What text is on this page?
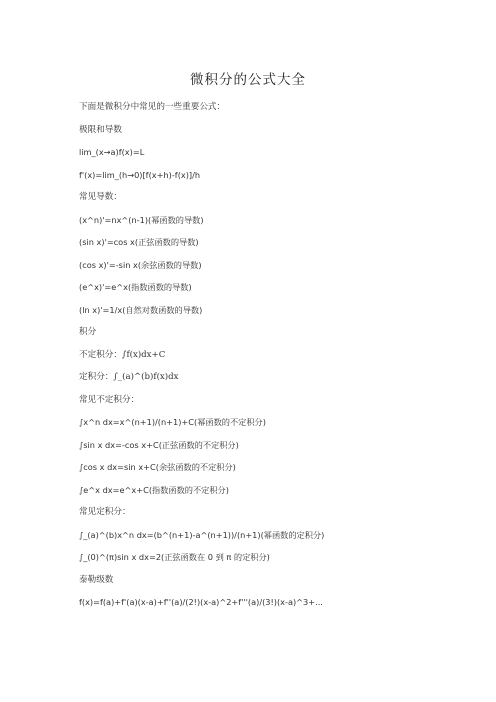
微积分的公式大全
下面是微积分中常见的一些重要公式：
极限和导数
lim_(x→a)f(x)=L
f'(x)=lim_(h→0)[f(x+h)-f(x)]/h
常见导数：
(x^n)'=nx^(n-1)(幂函数的导数)
(sin x)'=cos x(正弦函数的导数)
(cos x)'=-sin x(余弦函数的导数)
(e^x)'=e^x(指数函数的导数)
(ln x)'=1/x(自然对数函数的导数)
积分
不定积分：∫f(x)dx+C
定积分：∫_(a)^(b)f(x)dx
常见不定积分：
∫x^n dx=x^(n+1)/(n+1)+C(幂函数的不定积分)
∫sin x dx=-cos x+C(正弦函数的不定积分)
∫cos x dx=sin x+C(余弦函数的不定积分)
∫e^x dx=e^x+C(指数函数的不定积分)
常见定积分：
∫_(a)^(b)x^n dx=(b^(n+1)-a^(n+1))/(n+1)(幂函数的定积分)
∫_(0)^(π)sin x dx=2(正弦函数在 0 到 π 的定积分)
泰勒级数
f(x)=f(a)+f'(a)(x-a)+f''(a)/(2!)(x-a)^2+f'''(a)/(3!)(x-a)^3+...
